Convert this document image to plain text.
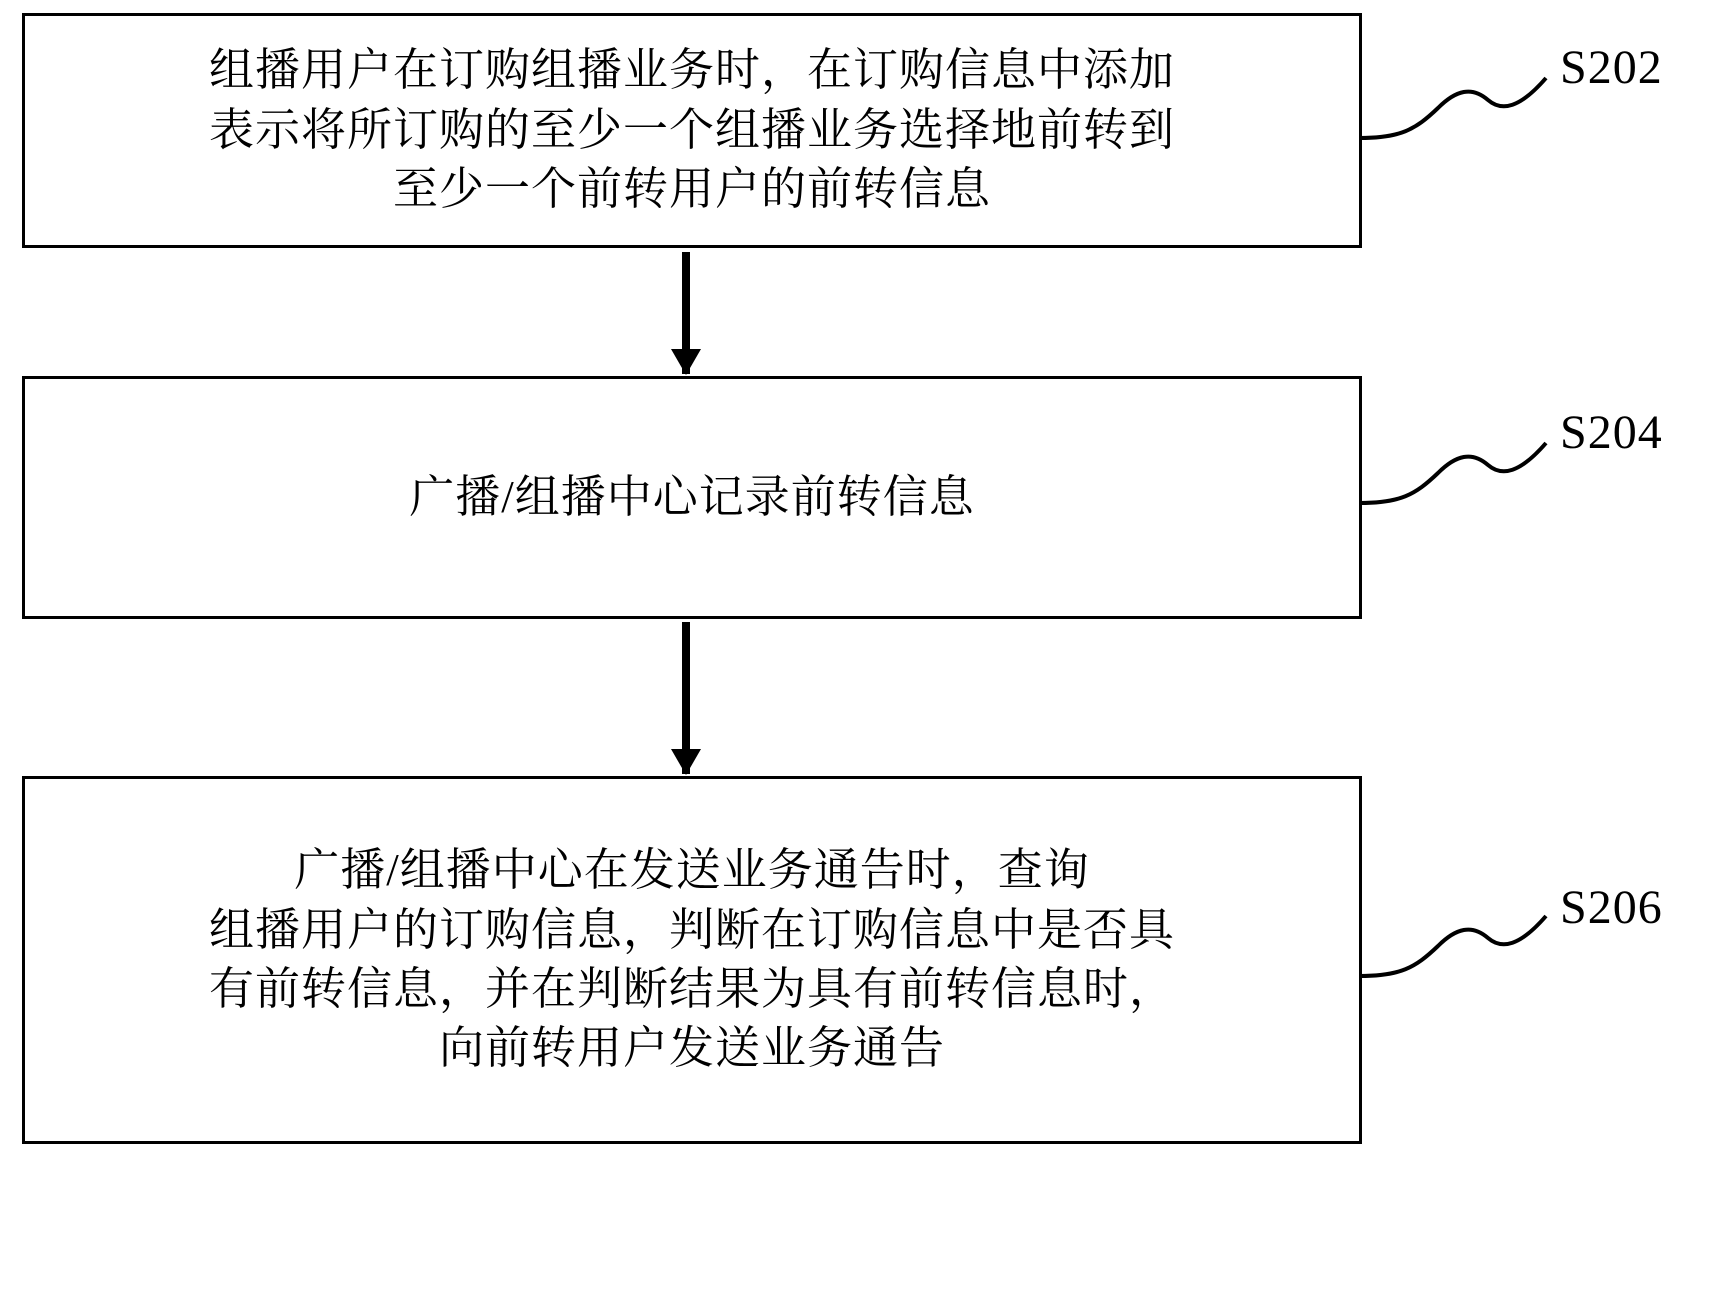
组播用户在订购组播业务时，在订购信息中添加
表示将所订购的至少一个组播业务选择地前转到
至少一个前转用户的前转信息
广播/组播中心记录前转信息
广播/组播中心在发送业务通告时，查询
组播用户的订购信息，判断在订购信息中是否具
有前转信息，并在判断结果为具有前转信息时，
向前转用户发送业务通告
S202
S204
S206
